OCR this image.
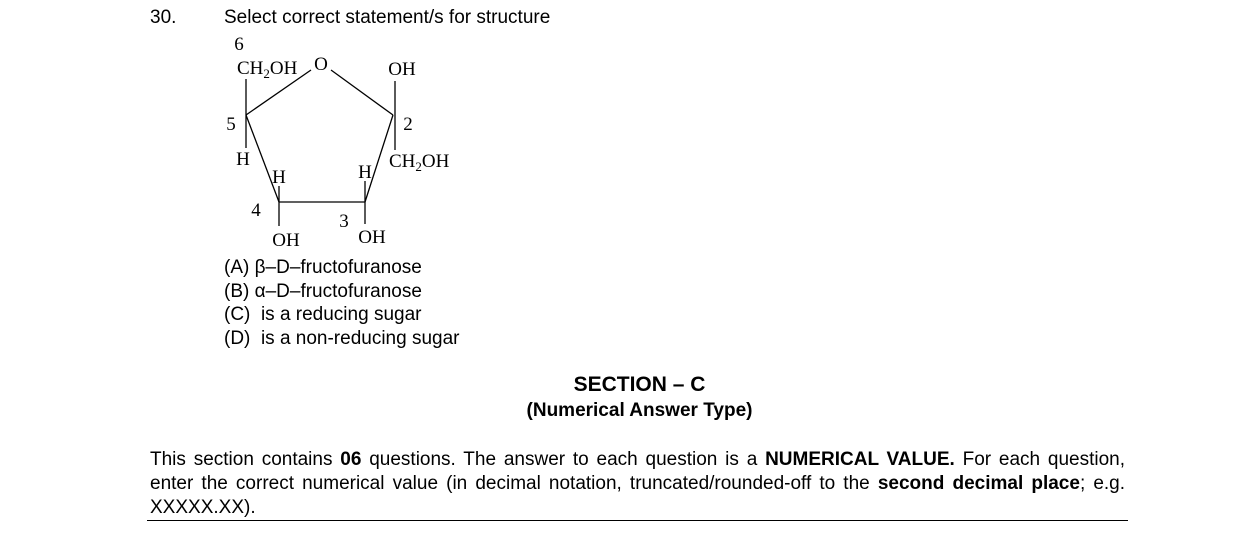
30.	Select correct statement/s for structure
6
$CH_2OH$ O	OH
5	2
H
H	H
$CH_2OH$
4
3
OH	OH
(A) β–D–fructofuranose
(B) α–D–fructofuranose
(C) is a reducing sugar
(D) is a non-reducing sugar
SECTION – C
(Numerical Answer Type)
This section contains 06 questions. The answer to each question is a NUMERICAL VALUE. For each question, enter the correct numerical value (in decimal notation, truncated/rounded-off to the second decimal place; e.g. XXXXX.XX).
